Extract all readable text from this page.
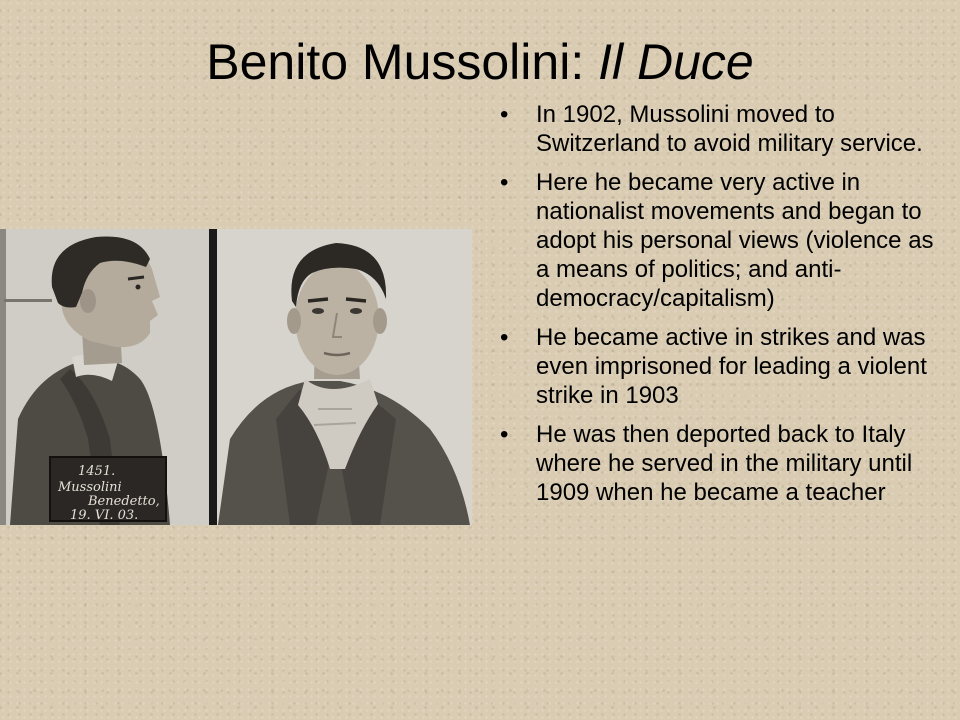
Benito Mussolini: Il Duce
1451.
Mussolini
Benedetto,
19. VI. 03.
•	In 1902, Mussolini moved to Switzerland to avoid military service.
•	Here he became very active in nationalist movements and began to adopt his personal views (violence as a means of politics; and anti-democracy/capitalism)
•	He became active in strikes and was even imprisoned for leading a violent strike in 1903
•	He was then deported back to Italy where he served in the military until 1909 when he became a teacher
